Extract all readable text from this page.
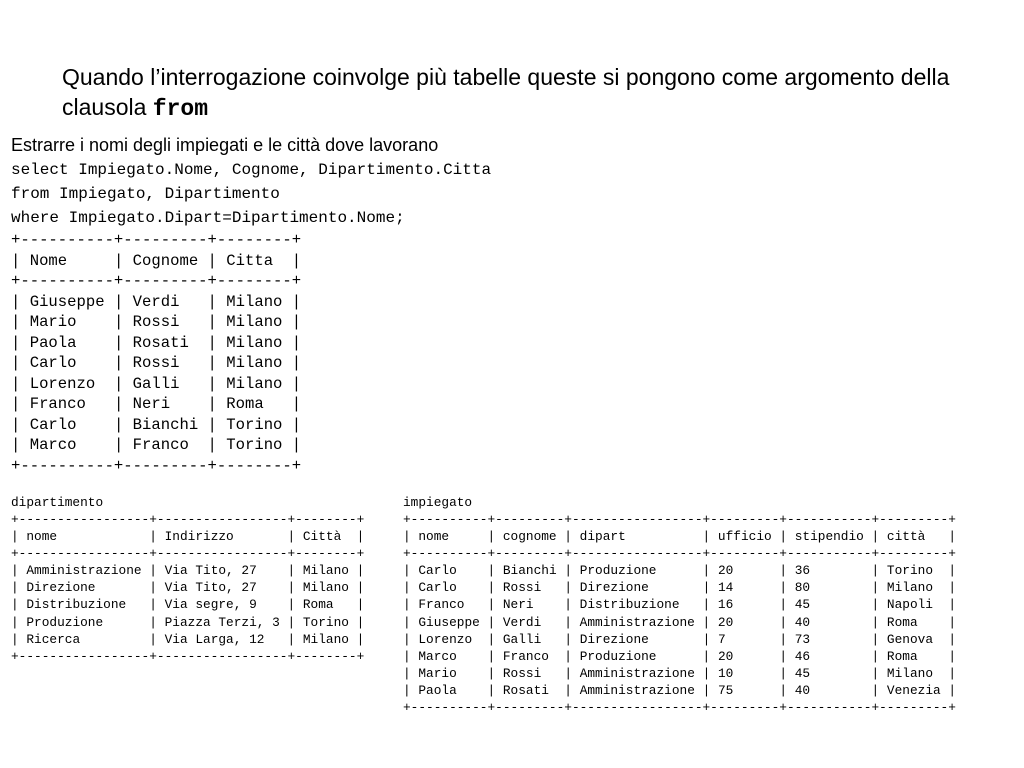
Quando l’interrogazione coinvolge più tabelle queste si pongono come argomento della clausola from

Estrarre i nomi degli impiegati e le città dove lavorano

select Impiegato.Nome, Cognome, Dipartimento.Citta
from Impiegato, Dipartimento
where Impiegato.Dipart=Dipartimento.Nome;
+----------+---------+--------+
| Nome     | Cognome | Citta  |
+----------+---------+--------+
| Giuseppe | Verdi   | Milano |
| Mario    | Rossi   | Milano |
| Paola    | Rosati  | Milano |
| Carlo    | Rossi   | Milano |
| Lorenzo  | Galli   | Milano |
| Franco   | Neri    | Roma   |
| Carlo    | Bianchi | Torino |
| Marco    | Franco  | Torino |
+----------+---------+--------+
dipartimento	impiegato
+-----------------+-----------------+--------+
| nome            | Indirizzo       | Città  |
+-----------------+-----------------+--------+
| Amministrazione | Via Tito, 27    | Milano |
| Direzione       | Via Tito, 27    | Milano |
| Distribuzione   | Via segre, 9    | Roma   |
| Produzione      | Piazza Terzi, 3 | Torino |
| Ricerca         | Via Larga, 12   | Milano |
+-----------------+-----------------+--------+
+----------+---------+-----------------+---------+-----------+---------+
| nome     | cognome | dipart          | ufficio | stipendio | città   |
+----------+---------+-----------------+---------+-----------+---------+
| Carlo    | Bianchi | Produzione      | 20      | 36        | Torino  |
| Carlo    | Rossi   | Direzione       | 14      | 80        | Milano  |
| Franco   | Neri    | Distribuzione   | 16      | 45        | Napoli  |
| Giuseppe | Verdi   | Amministrazione | 20      | 40        | Roma    |
| Lorenzo  | Galli   | Direzione       | 7       | 73        | Genova  |
| Marco    | Franco  | Produzione      | 20      | 46        | Roma    |
| Mario    | Rossi   | Amministrazione | 10      | 45        | Milano  |
| Paola    | Rosati  | Amministrazione | 75      | 40        | Venezia |
+----------+---------+-----------------+---------+-----------+---------+
